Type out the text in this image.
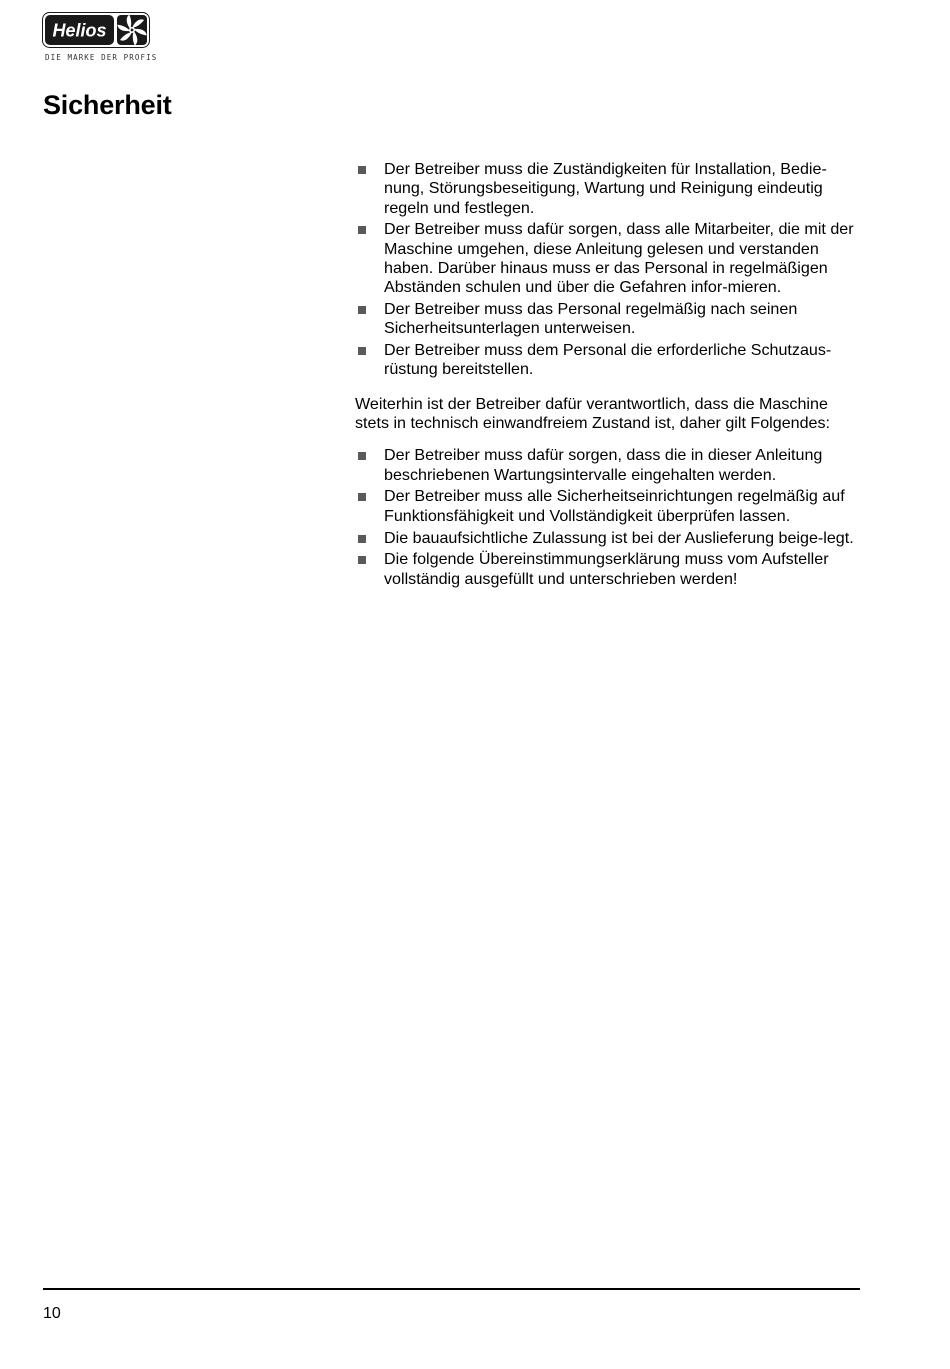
Helios
DIE MARKE DER PROFIS
Sicherheit
Der Betreiber muss die Zuständigkeiten für Installation, Bedie-nung, Störungsbeseitigung, Wartung und Reinigung eindeutig regeln und festlegen.
Der Betreiber muss dafür sorgen, dass alle Mitarbeiter, die mit der Maschine umgehen, diese Anleitung gelesen und verstanden haben. Darüber hinaus muss er das Personal in regelmäßigen Abständen schulen und über die Gefahren infor-mieren.
Der Betreiber muss das Personal regelmäßig nach seinen Sicherheitsunterlagen unterweisen.
Der Betreiber muss dem Personal die erforderliche Schutzaus-rüstung bereitstellen.

Weiterhin ist der Betreiber dafür verantwortlich, dass die Maschine stets in technisch einwandfreiem Zustand ist, daher gilt Folgendes:

Der Betreiber muss dafür sorgen, dass die in dieser Anleitung beschriebenen Wartungsintervalle eingehalten werden.
Der Betreiber muss alle Sicherheitseinrichtungen regelmäßig auf Funktionsfähigkeit und Vollständigkeit überprüfen lassen.
Die bauaufsichtliche Zulassung ist bei der Auslieferung beige-legt.
Die folgende Übereinstimmungserklärung muss vom Aufsteller vollständig ausgefüllt und unterschrieben werden!
10
